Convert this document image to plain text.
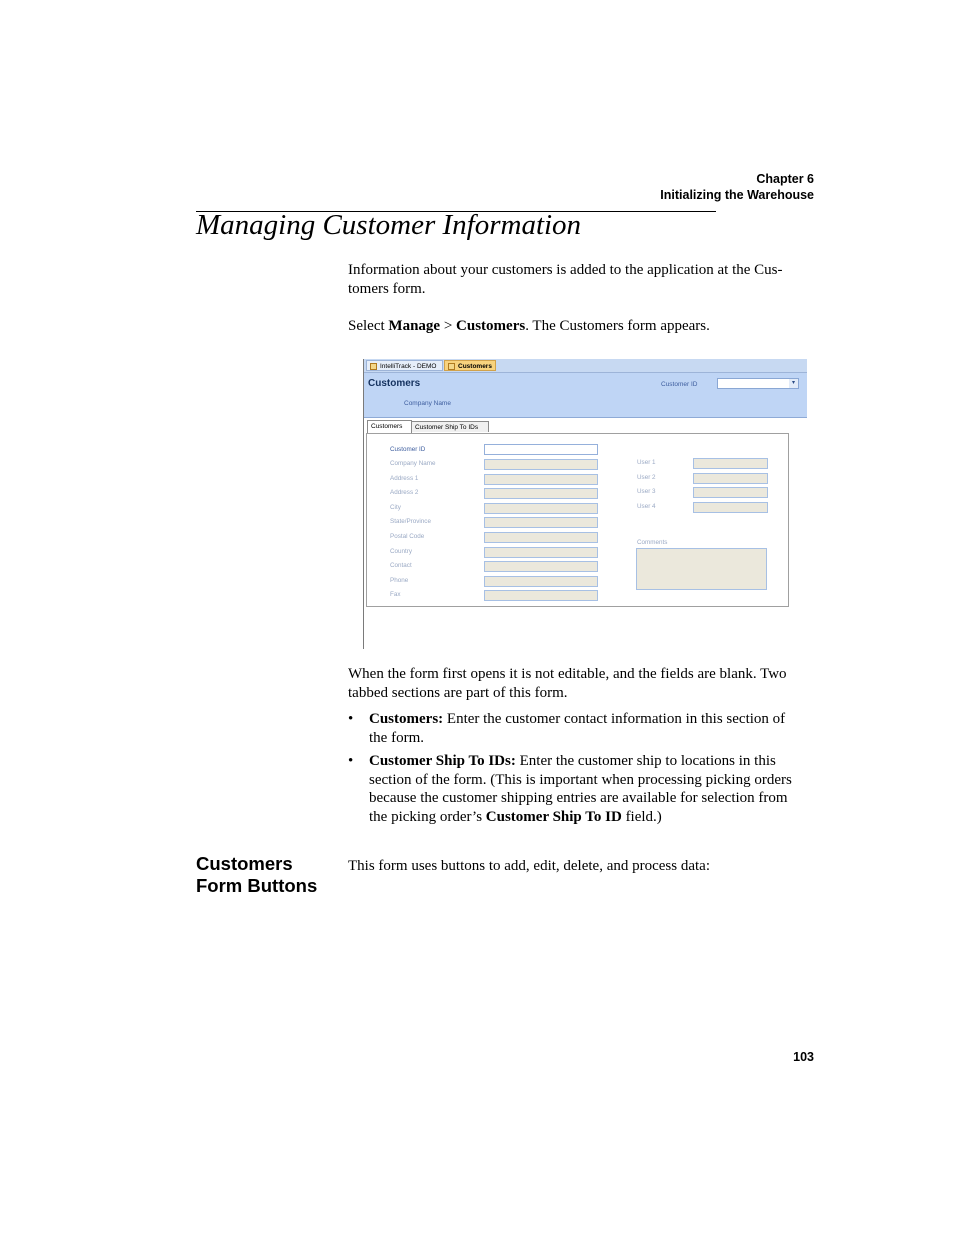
Chapter 6
Initializing the Warehouse
Managing Customer Information
Information about your customers is added to the application at the Cus-
tomers form.
Select Manage > Customers. The Customers form appears.
IntelliTrack - DEMO	Customers
Customers
Company Name
Customer ID	▾
Customers	Customer Ship To IDs
Customer ID
Company Name
Address 1
Address 2
City
State/Province
Postal Code
Country
Contact
Phone
Fax
User 1
User 2
User 3
User 4
Comments
When the form first opens it is not editable, and the fields are blank. Two
tabbed sections are part of this form.
•	Customers: Enter the customer contact information in this section of
the form.
•	Customer Ship To IDs: Enter the customer ship to locations in this
section of the form. (This is important when processing picking orders
because the customer shipping entries are available for selection from
the picking order’s Customer Ship To ID field.)
Customers
Form Buttons
This form uses buttons to add, edit, delete, and process data:
103
